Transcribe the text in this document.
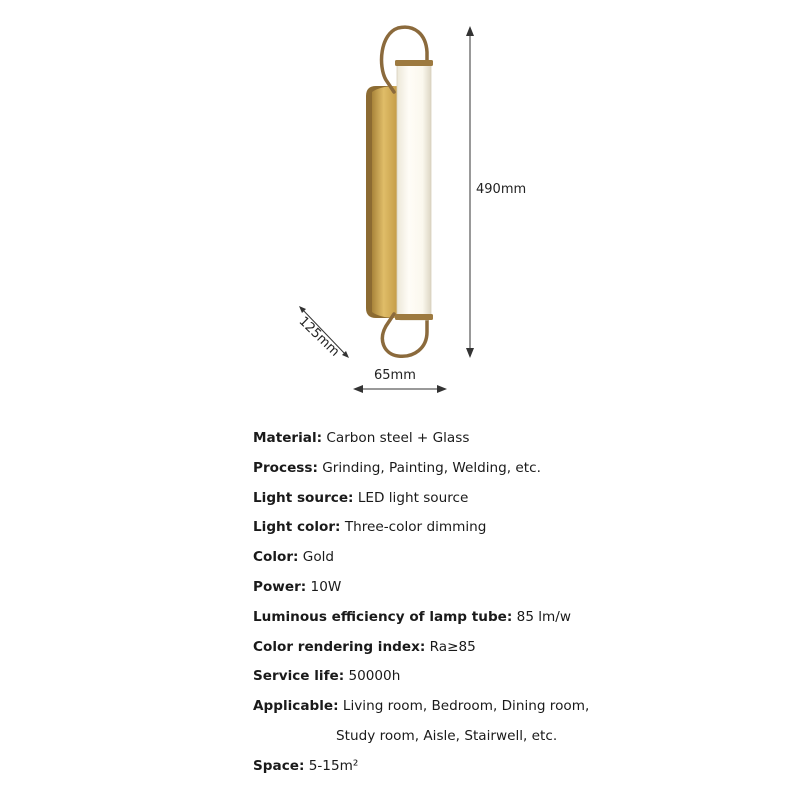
490mm
65mm
125mm
Material: Carbon steel + Glass
Process: Grinding, Painting, Welding, etc.
Light source: LED light source
Light color: Three-color dimming
Color: Gold
Power: 10W
Luminous efficiency of lamp tube: 85 lm/w
Color rendering index: Ra≥85
Service life: 50000h
Applicable: Living room, Bedroom, Dining room,
Study room, Aisle, Stairwell, etc.
Space: 5-15m²
